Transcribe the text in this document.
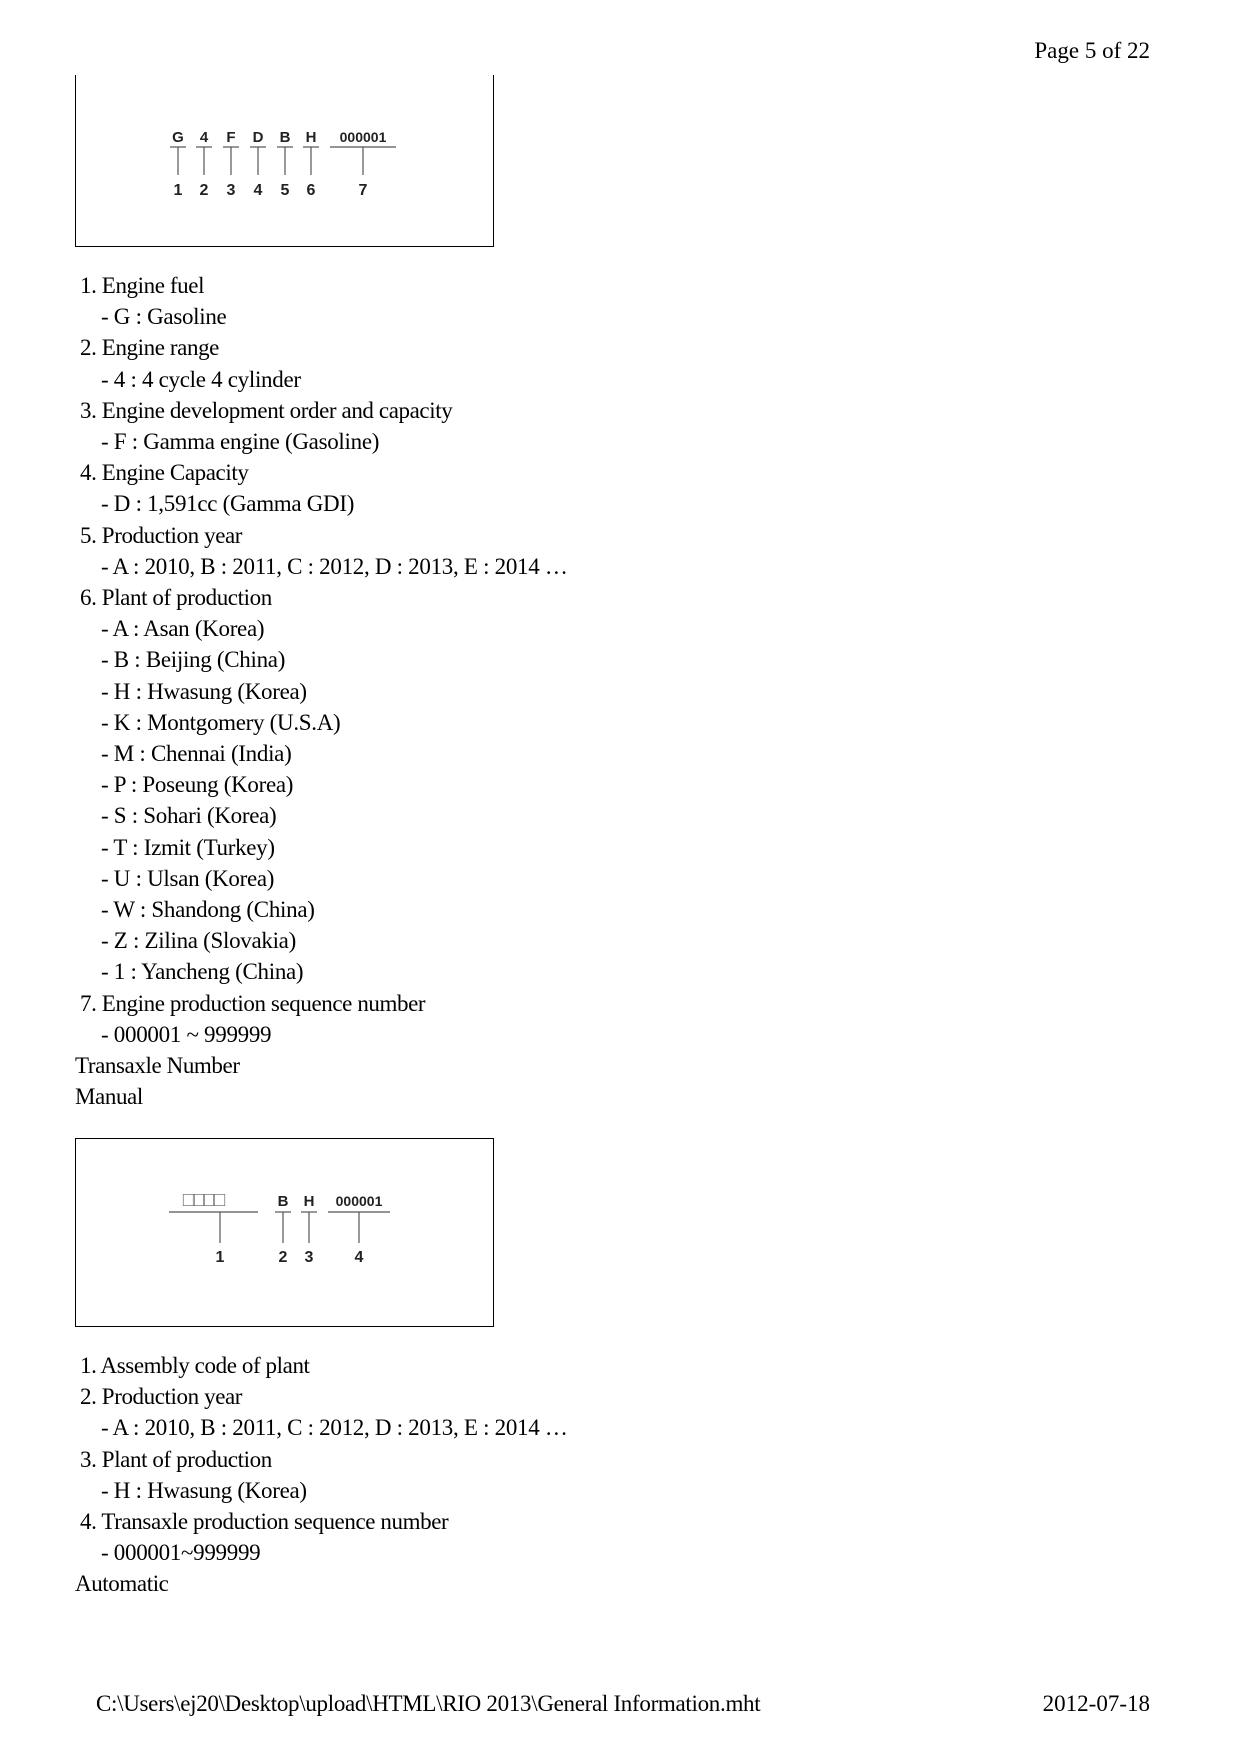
Page 5 of 22
G 4 F D B H 000001
1 2 3 4 5 6	7
1. Engine fuel
- G : Gasoline
2. Engine range
- 4 : 4 cycle 4 cylinder
3. Engine development order and capacity
- F : Gamma engine (Gasoline)
4. Engine Capacity
- D : 1,591cc (Gamma GDI)
5. Production year
- A : 2010, B : 2011, C : 2012, D : 2013, E : 2014 …
6. Plant of production
- A : Asan (Korea)
- B : Beijing (China)
- H : Hwasung (Korea)
- K : Montgomery (U.S.A)
- M : Chennai (India)
- P : Poseung (Korea)
- S : Sohari (Korea)
- T : Izmit (Turkey)
- U : Ulsan (Korea)
- W : Shandong (China)
- Z : Zilina (Slovakia)
- 1 : Yancheng (China)
7. Engine production sequence number
- 000001 ~ 999999
Transaxle Number
Manual
□□□□	B H 000001
1	2 3	4
1. Assembly code of plant
2. Production year
- A : 2010, B : 2011, C : 2012, D : 2013, E : 2014 …
3. Plant of production
- H : Hwasung (Korea)
4. Transaxle production sequence number
- 000001~999999
Automatic
C:\Users\ej20\Desktop\upload\HTML\RIO 2013\General Information.mht	2012-07-18
